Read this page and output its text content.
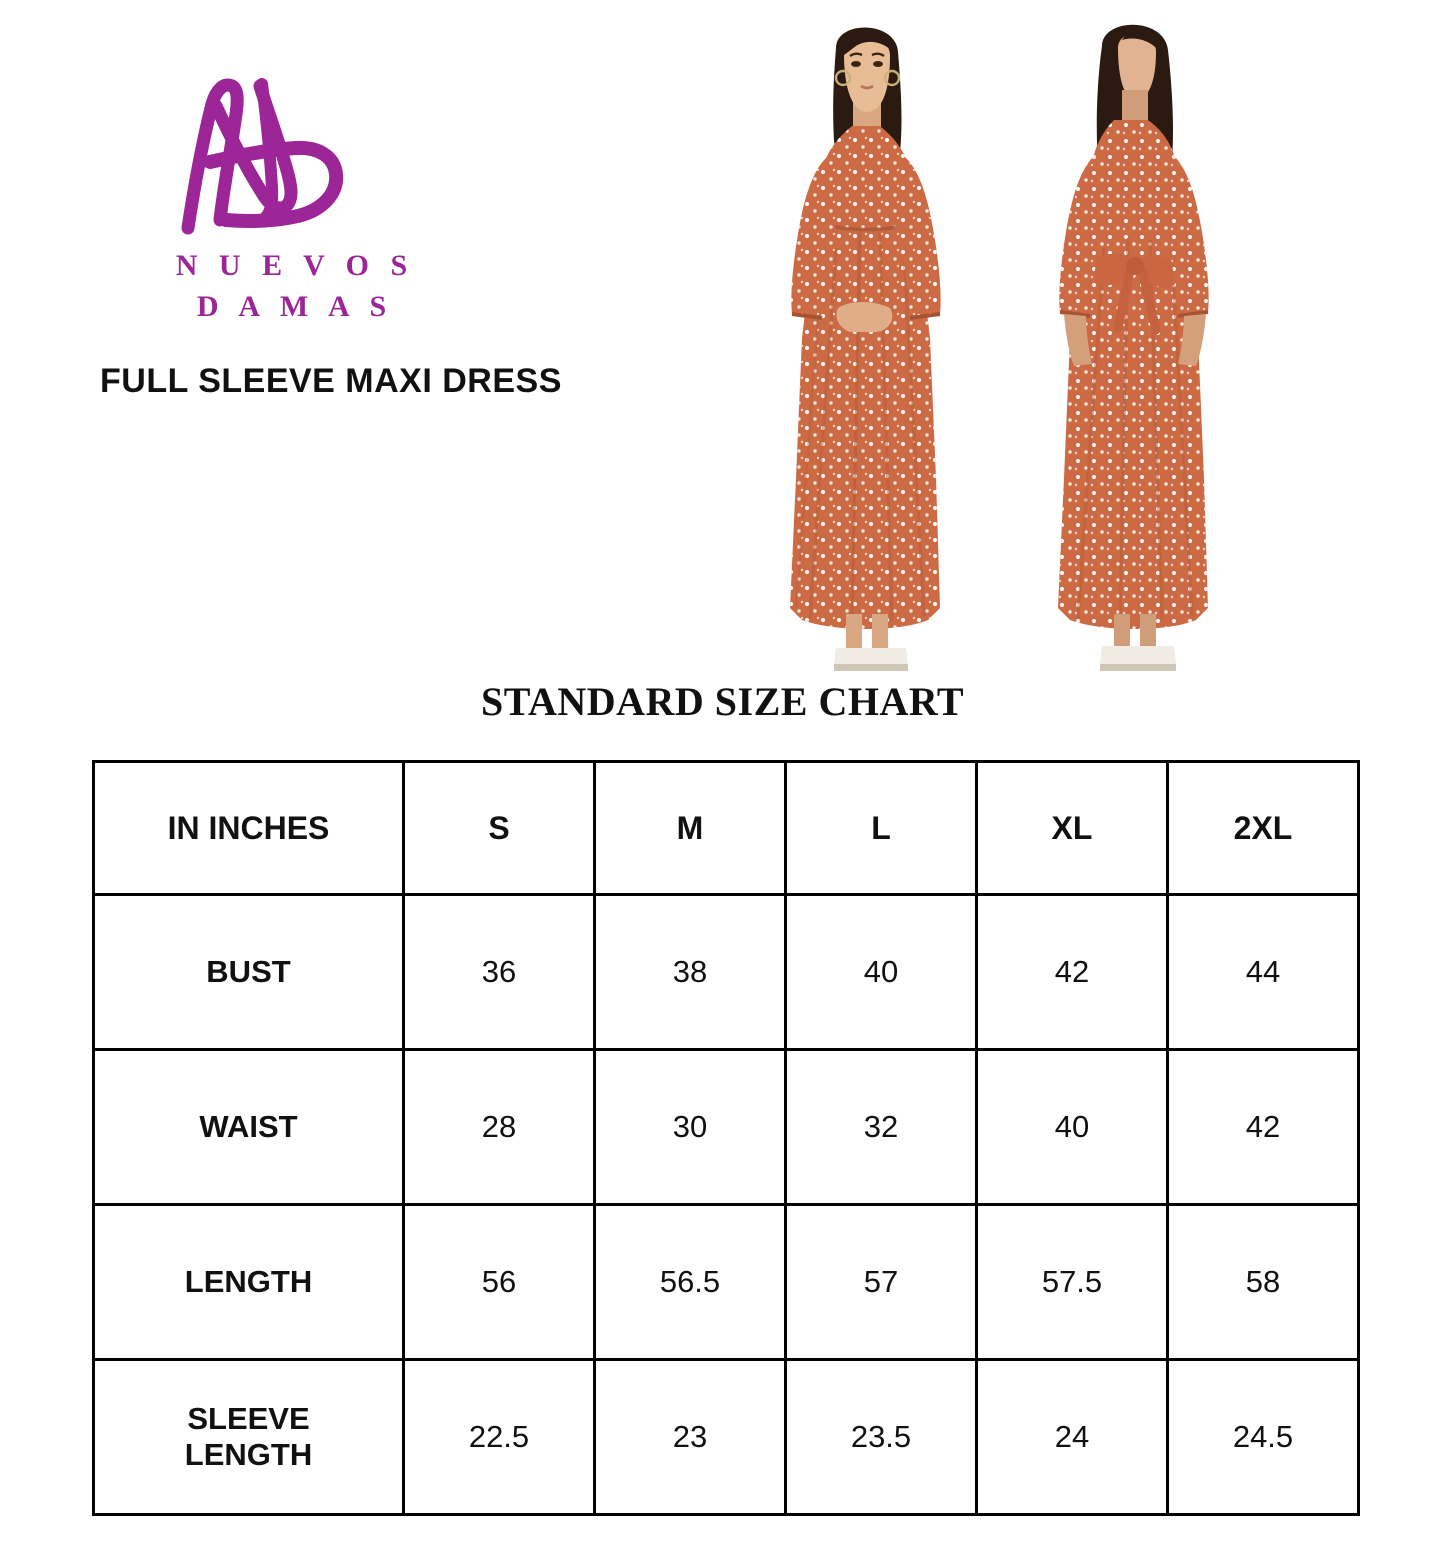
N U E V O S
D A M A S
FULL SLEEVE MAXI DRESS
STANDARD SIZE CHART
IN INCHES	S	M	L	XL	2XL
BUST	36	38	40	42	44
WAIST	28	30	32	40	42
LENGTH	56	56.5	57	57.5	58

SLEEVE
LENGTH	22.5	23	23.5	24	24.5
